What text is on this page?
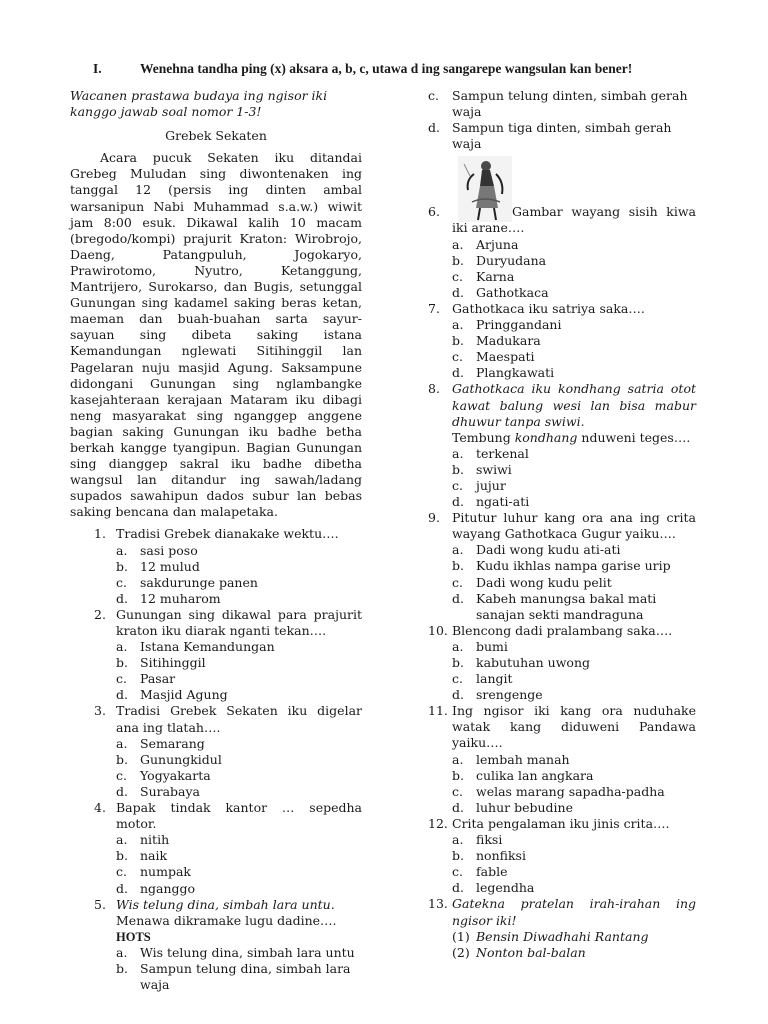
I.	Wenehna tandha ping (x) aksara a, b, c, utawa d ing sangarepe wangsulan kan bener!
Wacanen prastawa budaya ing ngisor iki kanggo jawab soal nomor 1-3!
Grebek Sekaten
Acara pucuk Sekaten iku ditandai Grebeg Muludan sing diwontenaken ing tanggal 12 (persis ing dinten ambal warsanipun Nabi Muhammad s.a.w.) wiwit jam 8:00 esuk. Dikawal kalih 10 macam (bregodo/kompi) prajurit Kraton: Wirobrojo, Daeng, Patangpuluh, Jogokaryo, Prawirotomo, Nyutro, Ketanggung, Mantrijero, Surokarso, dan Bugis, setunggal Gunungan sing kadamel saking beras ketan, maeman dan buah-buahan sarta sayur-sayuan sing dibeta saking istana Kemandungan nglewati Sitihinggil lan Pagelaran nuju masjid Agung. Saksampune didongani Gunungan sing nglambangke kasejahteraan kerajaan Mataram iku dibagi neng masyarakat sing nganggep anggene bagian saking Gunungan iku badhe betha berkah kangge tyangipun. Bagian Gunungan sing dianggep sakral iku badhe dibetha wangsul lan ditandur ing sawah/ladang supados sawahipun dados subur lan bebas saking bencana dan malapetaka.
1. Tradisi Grebek dianakake wektu….
a. sasi poso
b. 12 mulud
c. sakdurunge panen
d. 12 muharom
2. Gunungan sing dikawal para prajurit kraton iku diarak nganti tekan….
a. Istana Kemandungan
b. Sitihinggil
c. Pasar
d. Masjid Agung
3. Tradisi Grebek Sekaten iku digelar ana ing tlatah….
a. Semarang
b. Gunungkidul
c. Yogyakarta
d. Surabaya
4. Bapak tindak kantor … sepedha motor.
a. nitih
b. naik
c. numpak
d. nganggo
5. Wis telung dina, simbah lara untu.
Menawa dikramake lugu dadine….
HOTS
a. Wis telung dina, simbah lara untu
b. Sampun telung dina, simbah lara waja
c. Sampun telung dinten, simbah gerah waja
d. Sampun tiga dinten, simbah gerah waja
6.	Gambar wayang sisih kiwa iki arane….
a. Arjuna
b. Duryudana
c. Karna
d. Gathotkaca
7. Gathotkaca iku satriya saka….
a. Pringgandani
b. Madukara
c. Maespati
d. Plangkawati
8. Gathotkaca iku kondhang satria otot kawat balung wesi lan bisa mabur dhuwur tanpa swiwi.
Tembung kondhang nduweni teges….
a. terkenal
b. swiwi
c. jujur
d. ngati-ati
9. Pitutur luhur kang ora ana ing crita wayang Gathotkaca Gugur yaiku….
a. Dadi wong kudu ati-ati
b. Kudu ikhlas nampa garise urip
c. Dadi wong kudu pelit
d. Kabeh manungsa bakal mati sanajan sekti mandraguna
10. Blencong dadi pralambang saka….
a. bumi
b. kabutuhan uwong
c. langit
d. srengenge
11. Ing ngisor iki kang ora nuduhake watak kang diduweni Pandawa yaiku….
a. lembah manah
b. culika lan angkara
c. welas marang sapadha-padha
d. luhur bebudine
12. Crita pengalaman iku jinis crita….
a. fiksi
b. nonfiksi
c. fable
d. legendha
13. Gatekna pratelan irah-irahan ing ngisor iki!
(1) Bensin Diwadhahi Rantang
(2) Nonton bal-balan
